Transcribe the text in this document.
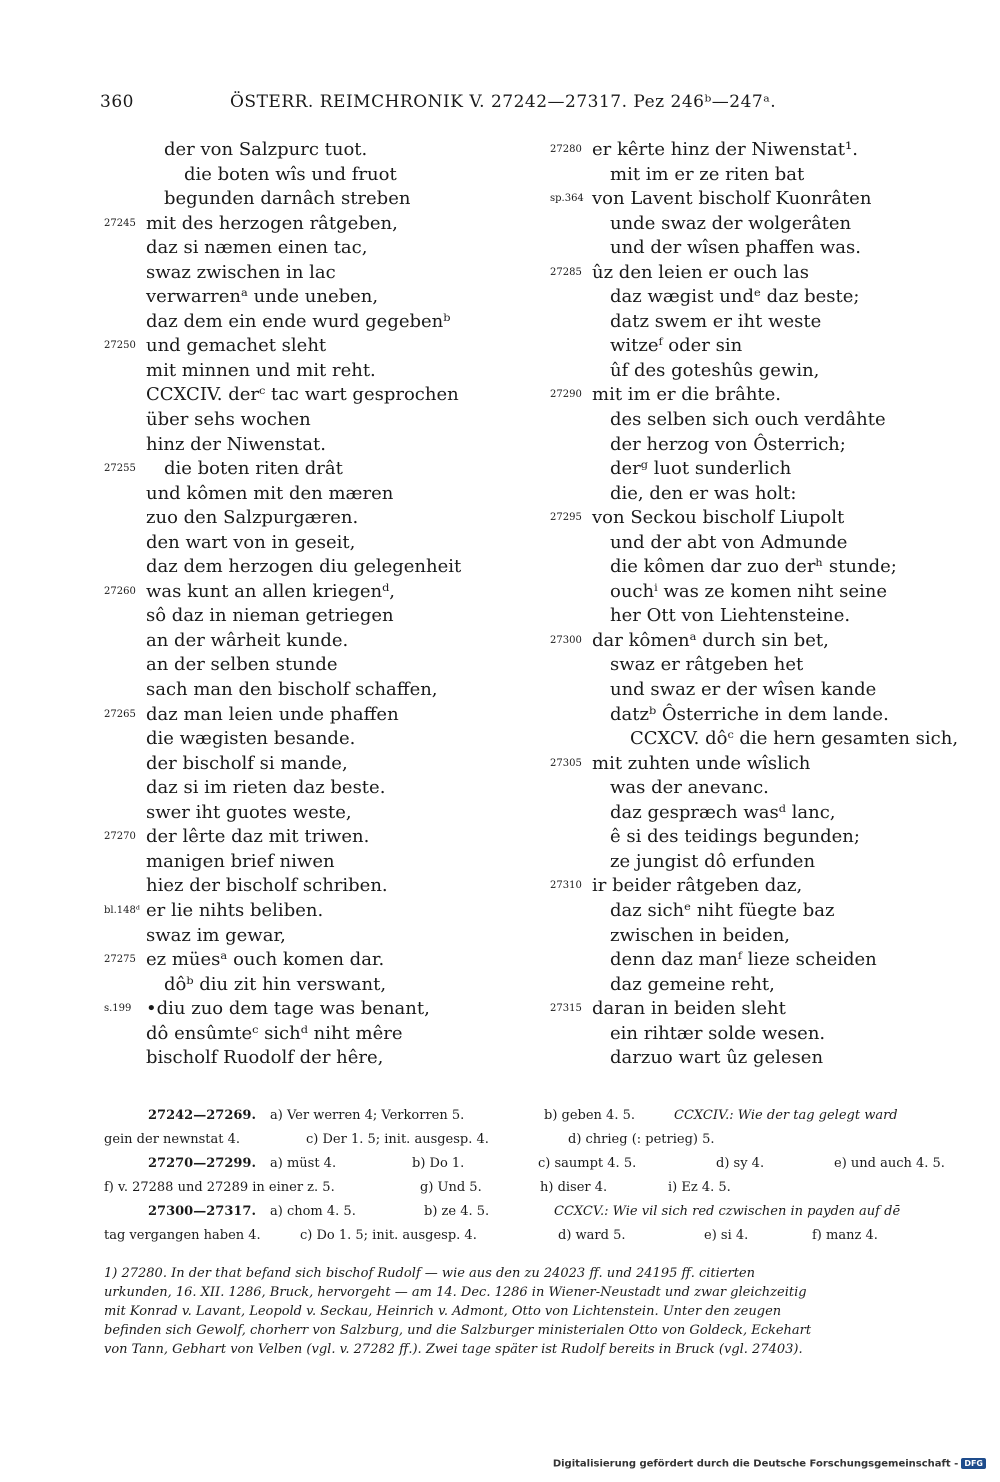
360	ÖSTERR. REIMCHRONIK V. 27242—27317. Pez 246ᵇ—247ᵃ.
der von Salzpurc tuot.
die boten wîs und fruot
begunden darnâch streben
27245 mit des herzogen râtgeben,
daz si næmen einen tac,
swaz zwischen in lac
verwarrenᵃ unde uneben,
daz dem ein ende wurd gegebenᵇ
27250 und gemachet sleht
mit minnen und mit reht.
CCXCIV. derᶜ tac wart gesprochen
über sehs wochen
hinz der Niwenstat.
27255	die boten riten drât
und kômen mit den mæren
zuo den Salzpurgæren.
den wart von in geseit,
daz dem herzogen diu gelegenheit
27260 was kunt an allen kriegenᵈ,
sô daz in nieman getriegen
an der wârheit kunde.
an der selben stunde
sach man den bischolf schaffen,
27265 daz man leien unde phaffen
die wægisten besande.
der bischolf si mande,
daz si im rieten daz beste.
swer iht guotes weste,
27270 der lêrte daz mit triwen.
manigen brief niwen
hiez der bischolf schriben.
bl.148ᵈ er lie nihts beliben.
swaz im gewar,
27275 ez müesᵃ ouch komen dar.
dôᵇ diu zit hin verswant,
s.199 •diu zuo dem tage was benant,
dô ensûmteᶜ sichᵈ niht mêre
bischolf Ruodolf der hêre,
27280 er kêrte hinz der Niwenstat¹.
mit im er ze riten bat
sp.364 von Lavent bischolf Kuonrâten
unde swaz der wolgerâten
und der wîsen phaffen was.
27285 ûz den leien er ouch las
daz wægist undᵉ daz beste;
datz swem er iht weste
witzeᶠ oder sin
ûf des goteshûs gewin,
27290 mit im er die brâhte.
des selben sich ouch verdâhte
der herzog von Ôsterrich;
derᵍ luot sunderlich
die, den er was holt:
27295 von Seckou bischolf Liupolt
und der abt von Admunde
die kômen dar zuo derʰ stunde;
ouchⁱ was ze komen niht seine
her Ott von Liehtensteine.
27300 dar kômenᵃ durch sin bet,
swaz er râtgeben het
und swaz er der wîsen kande
datzᵇ Ôsterriche in dem lande.
CCXCV. dôᶜ die hern gesamten sich,
27305 mit zuhten unde wîslich
was der anevanc.
daz gespræch wasᵈ lanc,
ê si des teidings begunden;
ze jungist dô erfunden
27310 ir beider râtgeben daz,
daz sichᵉ niht füegte baz
zwischen in beiden,
denn daz manᶠ lieze scheiden
daz gemeine reht,
27315 daran in beiden sleht
ein rihtær solde wesen.
darzuo wart ûz gelesen
27242—27269. a) Ver werren 4; Verkorren 5.	b) geben 4. 5.	CCXCIV.: Wie der tag gelegt ward
gein der newnstat 4.	c) Der 1. 5; init. ausgesp. 4.	d) chrieg (: petrieg) 5.
27270—27299. a) müst 4.	b) Do 1.	c) saumpt 4. 5.	d) sy 4.	e) und auch 4. 5.
f) v. 27288 und 27289 in einer z. 5.	g) Und 5.	h) diser 4.	i) Ez 4. 5.
27300—27317. a) chom 4. 5.	b) ze 4. 5.	CCXCV.: Wie vil sich red czwischen in payden auf dē
tag vergangen haben 4.	c) Do 1. 5; init. ausgesp. 4.	d) ward 5.	e) si 4.	f) manz 4.
1) 27280. In der that befand sich bischof Rudolf — wie aus den zu 24023 ff. und 24195 ff. citierten
urkunden, 16. XII. 1286, Bruck, hervorgeht — am 14. Dec. 1286 in Wiener-Neustadt und zwar gleichzeitig
mit Konrad v. Lavant, Leopold v. Seckau, Heinrich v. Admont, Otto von Lichtenstein. Unter den zeugen
befinden sich Gewolf, chorherr von Salzburg, und die Salzburger ministerialen Otto von Goldeck, Eckehart
von Tann, Gebhart von Velben (vgl. v. 27282 ff.). Zwei tage später ist Rudolf bereits in Bruck (vgl. 27403).
Digitalisierung gefördert durch die Deutsche Forschungsgemeinschaft - DFG
